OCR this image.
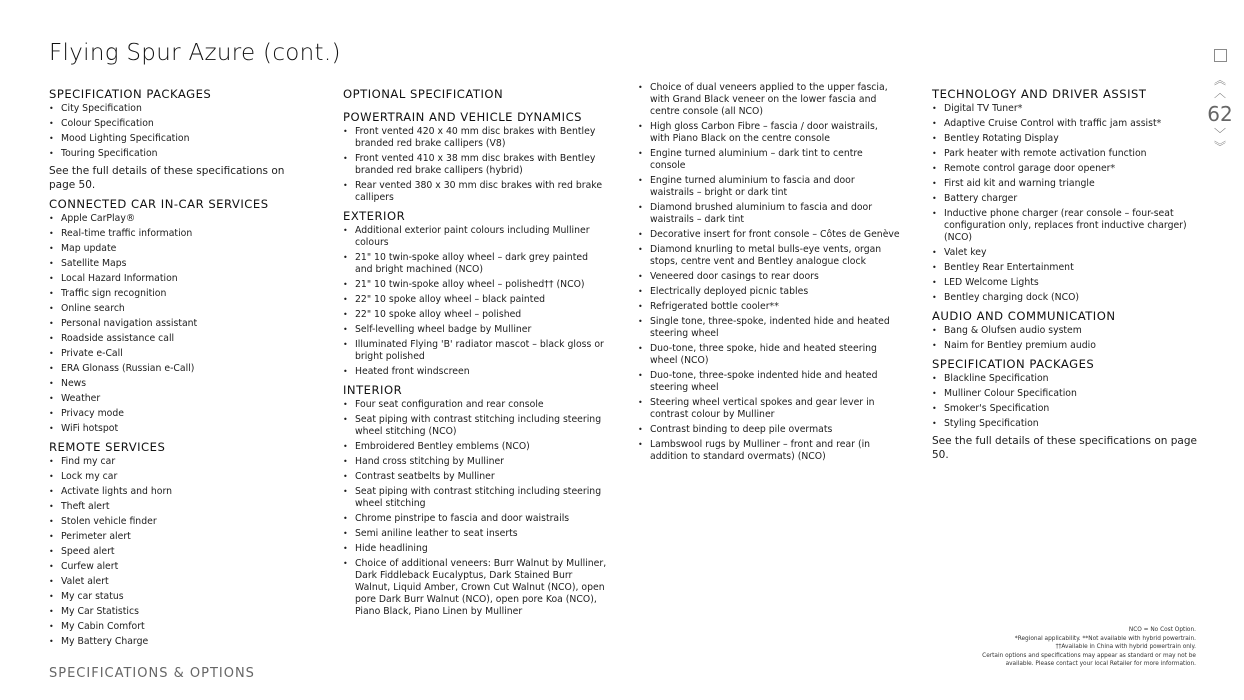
Flying Spur Azure (cont.)
︽
︿
62
﹀
︾
SPECIFICATION PACKAGES
• City Specification
• Colour Specification
• Mood Lighting Specification
• Touring Specification

See the full details of these specifications on page 50.

CONNECTED CAR IN-CAR SERVICES
• Apple CarPlay®
• Real-time traffic information
• Map update
• Satellite Maps
• Local Hazard Information
• Traffic sign recognition
• Online search
• Personal navigation assistant
• Roadside assistance call
• Private e-Call
• ERA Glonass (Russian e-Call)
• News
• Weather
• Privacy mode
• WiFi hotspot
REMOTE SERVICES
• Find my car
• Lock my car
• Activate lights and horn
• Theft alert
• Stolen vehicle finder
• Perimeter alert
• Speed alert
• Curfew alert
• Valet alert
• My car status
• My Car Statistics
• My Cabin Comfort
• My Battery Charge
OPTIONAL SPECIFICATION
POWERTRAIN AND VEHICLE DYNAMICS
• Front vented 420 x 40 mm disc brakes with Bentley branded red brake callipers (V8)
• Front vented 410 x 38 mm disc brakes with Bentley branded red brake callipers (hybrid)
• Rear vented 380 x 30 mm disc brakes with red brake callipers
EXTERIOR
• Additional exterior paint colours including Mulliner colours
• 21" 10 twin-spoke alloy wheel – dark grey painted and bright machined (NCO)
• 21" 10 twin-spoke alloy wheel – polished†† (NCO)
• 22" 10 spoke alloy wheel – black painted
• 22" 10 spoke alloy wheel – polished
• Self-levelling wheel badge by Mulliner
• Illuminated Flying 'B' radiator mascot – black gloss or bright polished
• Heated front windscreen
INTERIOR
• Four seat configuration and rear console
• Seat piping with contrast stitching including steering wheel stitching (NCO)
• Embroidered Bentley emblems (NCO)
• Hand cross stitching by Mulliner
• Contrast seatbelts by Mulliner
• Seat piping with contrast stitching including steering wheel stitching
• Chrome pinstripe to fascia and door waistrails
• Semi aniline leather to seat inserts
• Hide headlining
• Choice of additional veneers: Burr Walnut by Mulliner, Dark Fiddleback Eucalyptus, Dark Stained Burr Walnut, Liquid Amber, Crown Cut Walnut (NCO), open pore Dark Burr Walnut (NCO), open pore Koa (NCO), Piano Black, Piano Linen by Mulliner
• Choice of dual veneers applied to the upper fascia, with Grand Black veneer on the lower fascia and centre console (all NCO)
• High gloss Carbon Fibre – fascia / door waistrails, with Piano Black on the centre console
• Engine turned aluminium – dark tint to centre console
• Engine turned aluminium to fascia and door waistrails – bright or dark tint
• Diamond brushed aluminium to fascia and door waistrails – dark tint
• Decorative insert for front console – Côtes de Genève
• Diamond knurling to metal bulls-eye vents, organ stops, centre vent and Bentley analogue clock
• Veneered door casings to rear doors
• Electrically deployed picnic tables
• Refrigerated bottle cooler**
• Single tone, three-spoke, indented hide and heated steering wheel
• Duo-tone, three spoke, hide and heated steering wheel (NCO)
• Duo-tone, three-spoke indented hide and heated steering wheel
• Steering wheel vertical spokes and gear lever in contrast colour by Mulliner
• Contrast binding to deep pile overmats
• Lambswool rugs by Mulliner – front and rear (in addition to standard overmats) (NCO)
TECHNOLOGY AND DRIVER ASSIST
• Digital TV Tuner*
• Adaptive Cruise Control with traffic jam assist*
• Bentley Rotating Display
• Park heater with remote activation function
• Remote control garage door opener*
• First aid kit and warning triangle
• Battery charger
• Inductive phone charger (rear console – four-seat configuration only, replaces front inductive charger) (NCO)
• Valet key
• Bentley Rear Entertainment
• LED Welcome Lights
• Bentley charging dock (NCO)
AUDIO AND COMMUNICATION
• Bang & Olufsen audio system
• Naim for Bentley premium audio
SPECIFICATION PACKAGES
• Blackline Specification
• Mulliner Colour Specification
• Smoker's Specification
• Styling Specification

See the full details of these specifications on page 50.

NCO = No Cost Option.
*Regional applicability. **Not available with hybrid powertrain.
††Available in China with hybrid powertrain only.
Certain options and specifications may appear as standard or may not be
available. Please contact your local Retailer for more information.
SPECIFICATIONS & OPTIONS
